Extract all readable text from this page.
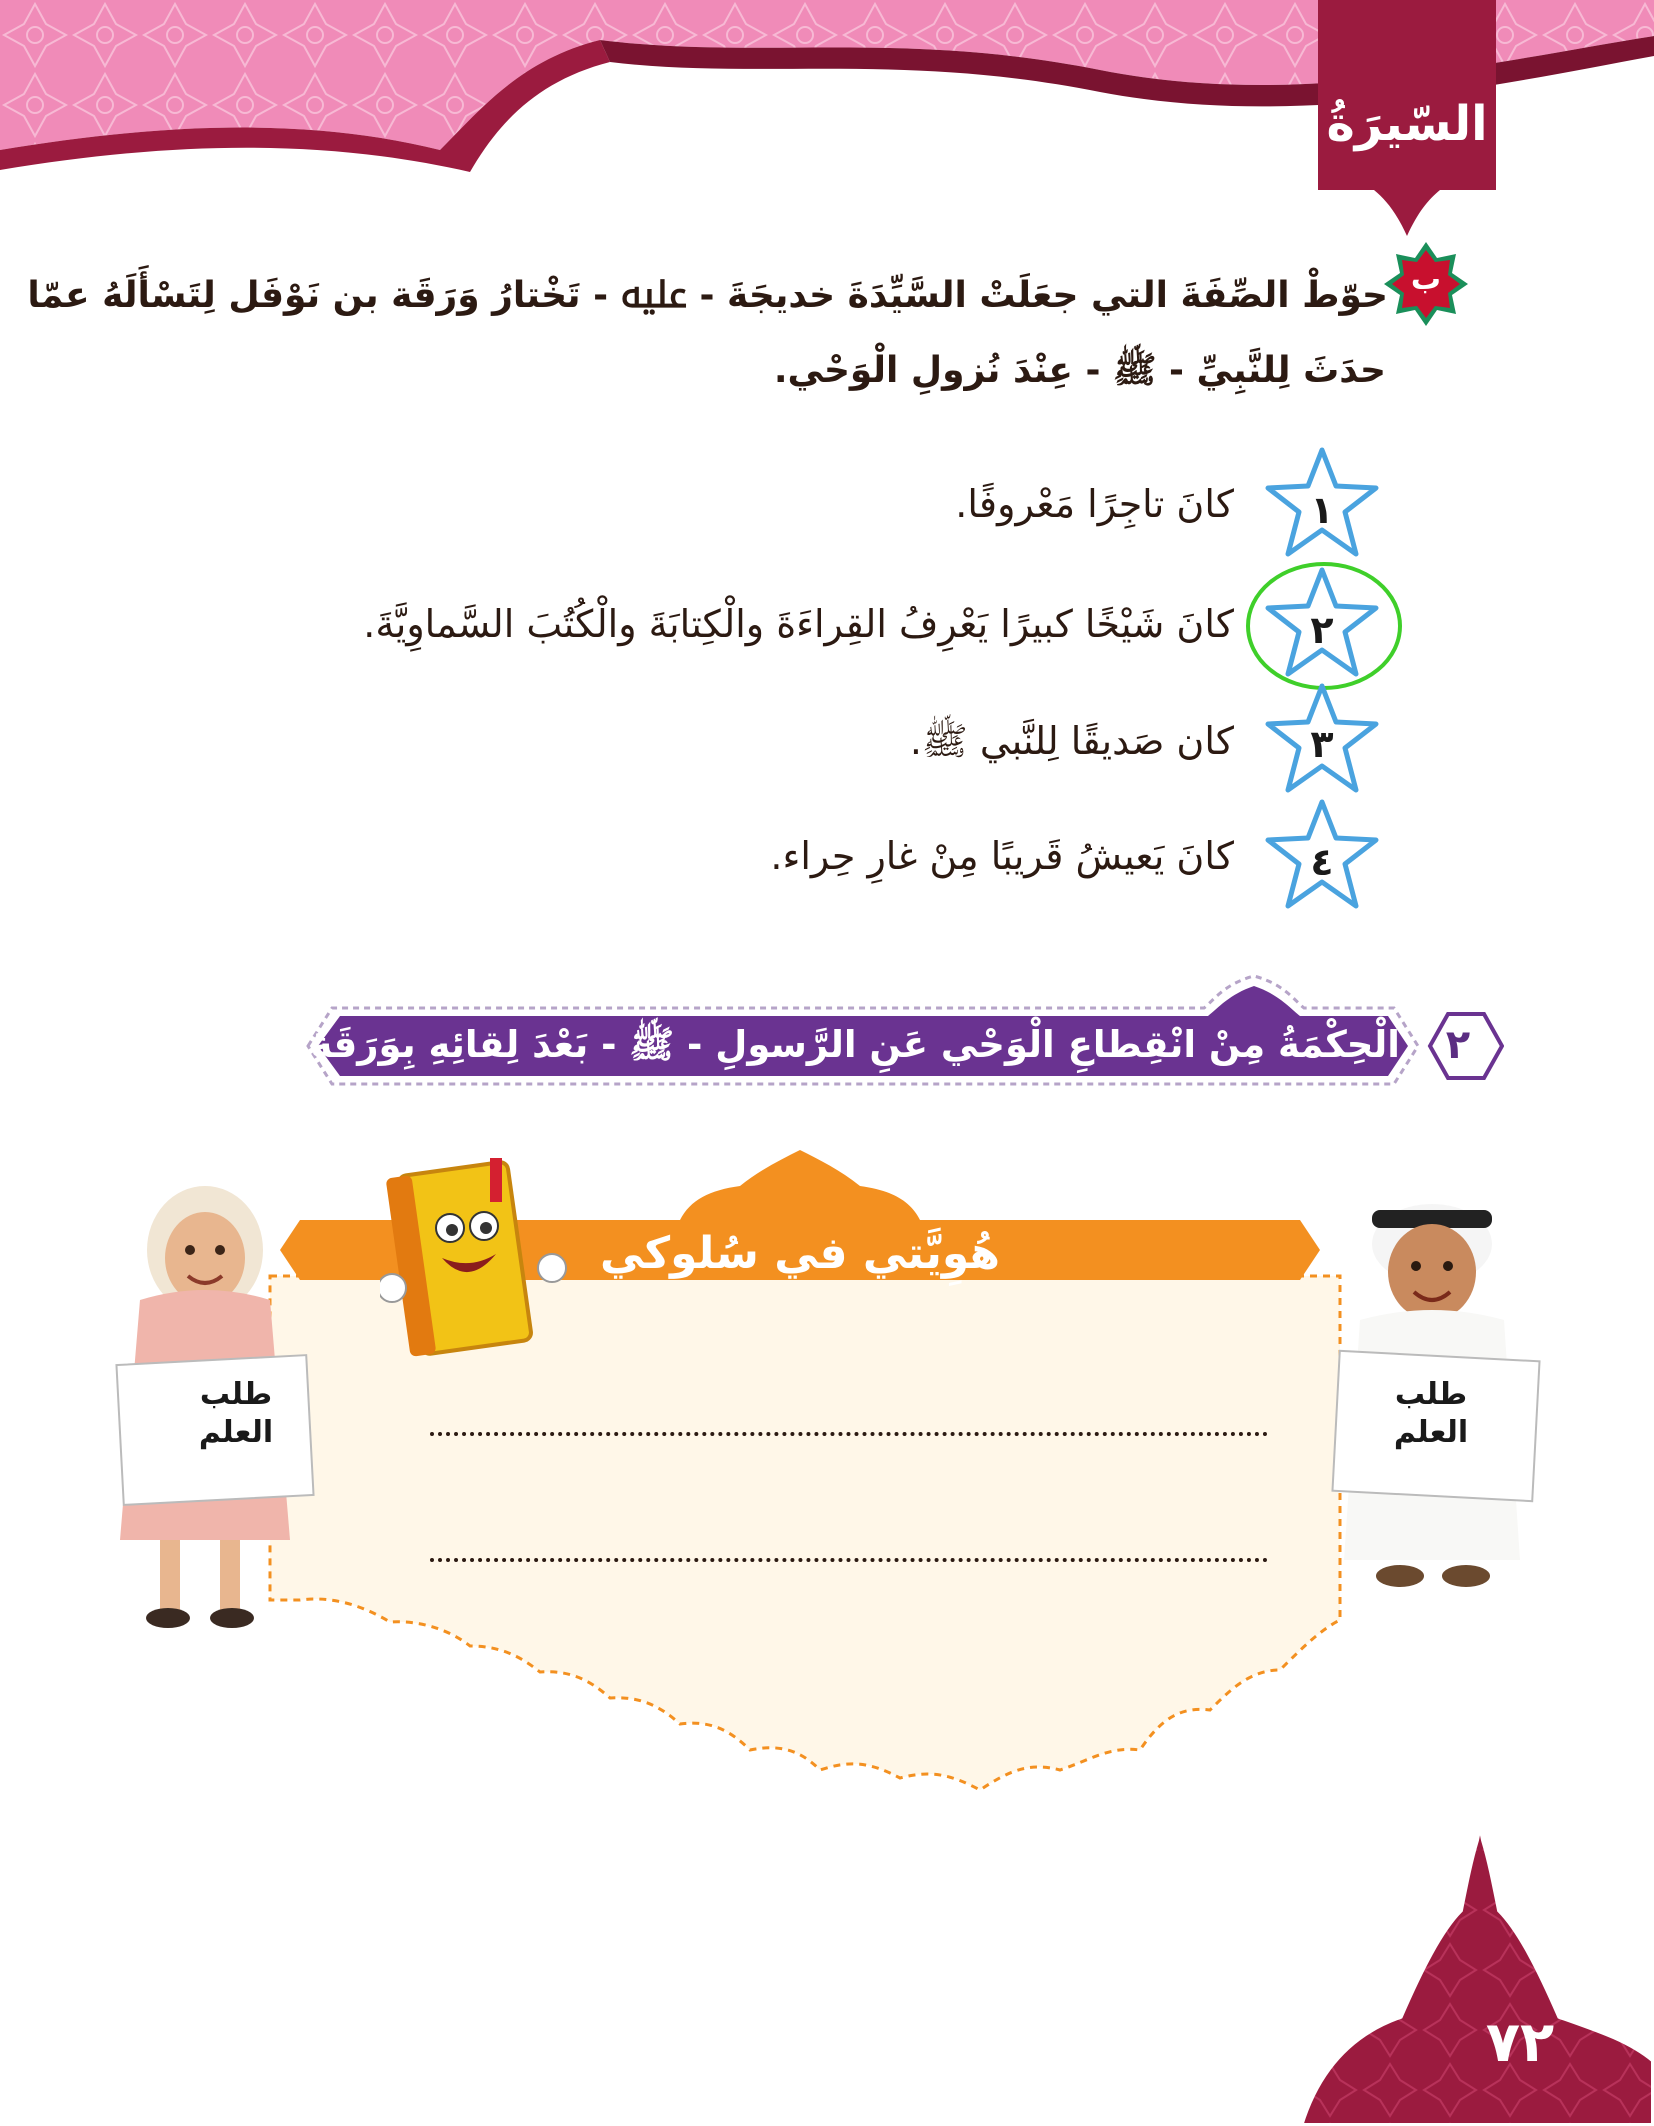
السّيرَةُ
ب
حوّطْ الصِّفَةَ التي جعَلَتْ السَّيِّدَةَ خديجَةَ - ﷷ - تَخْتارُ وَرَقَة بن نَوْفَل لِتَسْأَلَهُ عمّا
حدَثَ لِلنَّبِيِّ - ﷺ - عِنْدَ نُزولِ الْوَحْي.
١
كانَ تاجِرًا مَعْروفًا.
٢
كانَ شَيْخًا كبيرًا يَعْرِفُ القِراءَةَ والْكِتابَةَ والْكُتُبَ السَّماوِيَّةَ.
٣
كان صَديقًا لِلنَّبي ﷺ.
٤
كانَ يَعيشُ قَريبًا مِنْ غارِ حِراء.
الْحِكْمَةُ مِنْ انْقِطاعِ الْوَحْي عَنِ الرَّسولِ - ﷺ - بَعْدَ لِقائِهِ بِوَرَقَةَ بن نَوْفل.	٢
هُوِيَّتي في سُلوكي
طلب
العلم
طلب
العلم
٧٢
